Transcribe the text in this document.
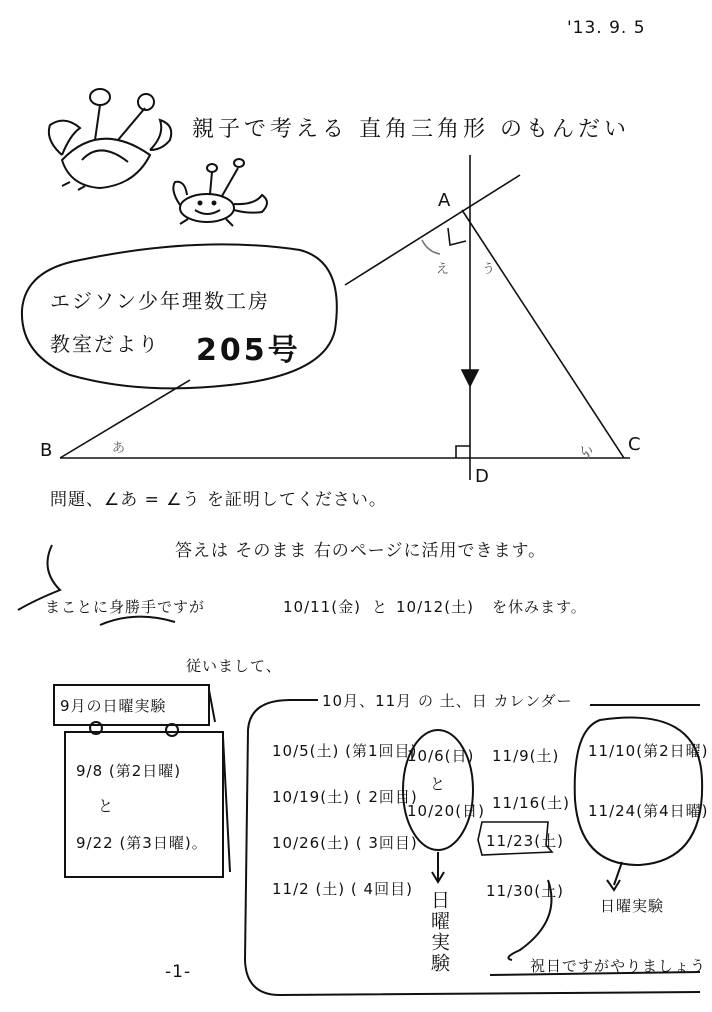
'13. 9. 5
親子で考える 直角三角形 のもんだい
エジソン少年理数工房
教室だより 205号
A
B	C
D
え	う
あ	い
問題、∠あ = ∠う を証明してください。
答えは そのまま 右のページに活用できます。
まことに身勝手ですが	10/11(金) と 10/12(土) を休みます。
従いまして、
9月の日曜実験
9/8 (第2日曜)
と
9/22 (第3日曜)。
10月、11月 の 土、日 カレンダー
10/5(土) (第1回目)
10/19(土) ( 2回目)
10/26(土) ( 3回目)
11/2 (土) ( 4回目)
10/6(日)
と
10/20(日)
日曜実験
11/9(土)
11/16(土)
11/23(土)
11/30(土)
11/10(第2日曜)
11/24(第4日曜)
日曜実験
祝日ですがやりましょう
-1-
